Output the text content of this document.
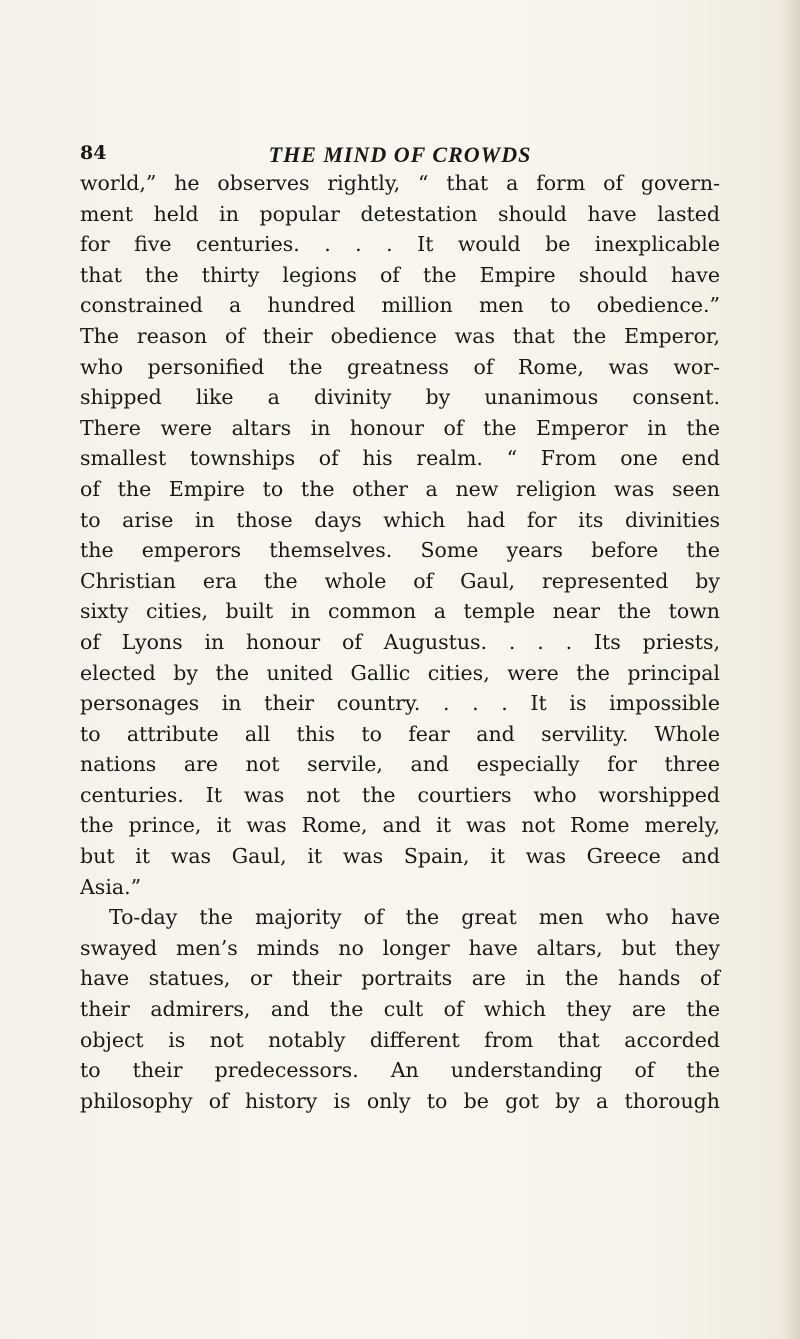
84	THE MIND OF CROWDS

world,” he observes rightly, “ that a form of govern-
ment held in popular detestation should have lasted
for five centuries. . . . It would be inexplicable
that the thirty legions of the Empire should have
constrained a hundred million men to obedience.”
The reason of their obedience was that the Emperor,
who personified the greatness of Rome, was wor-
shipped like a divinity by unanimous consent.
There were altars in honour of the Emperor in the
smallest townships of his realm. “ From one end
of the Empire to the other a new religion was seen
to arise in those days which had for its divinities
the emperors themselves. Some years before the
Christian era the whole of Gaul, represented by
sixty cities, built in common a temple near the town
of Lyons in honour of Augustus. . . . Its priests,
elected by the united Gallic cities, were the principal
personages in their country. . . . It is impossible
to attribute all this to fear and servility. Whole
nations are not servile, and especially for three
centuries. It was not the courtiers who worshipped
the prince, it was Rome, and it was not Rome merely,
but it was Gaul, it was Spain, it was Greece and
Asia.”

To-day the majority of the great men who have
swayed men’s minds no longer have altars, but they
have statues, or their portraits are in the hands of
their admirers, and the cult of which they are the
object is not notably different from that accorded
to their predecessors. An understanding of the
philosophy of history is only to be got by a thorough
